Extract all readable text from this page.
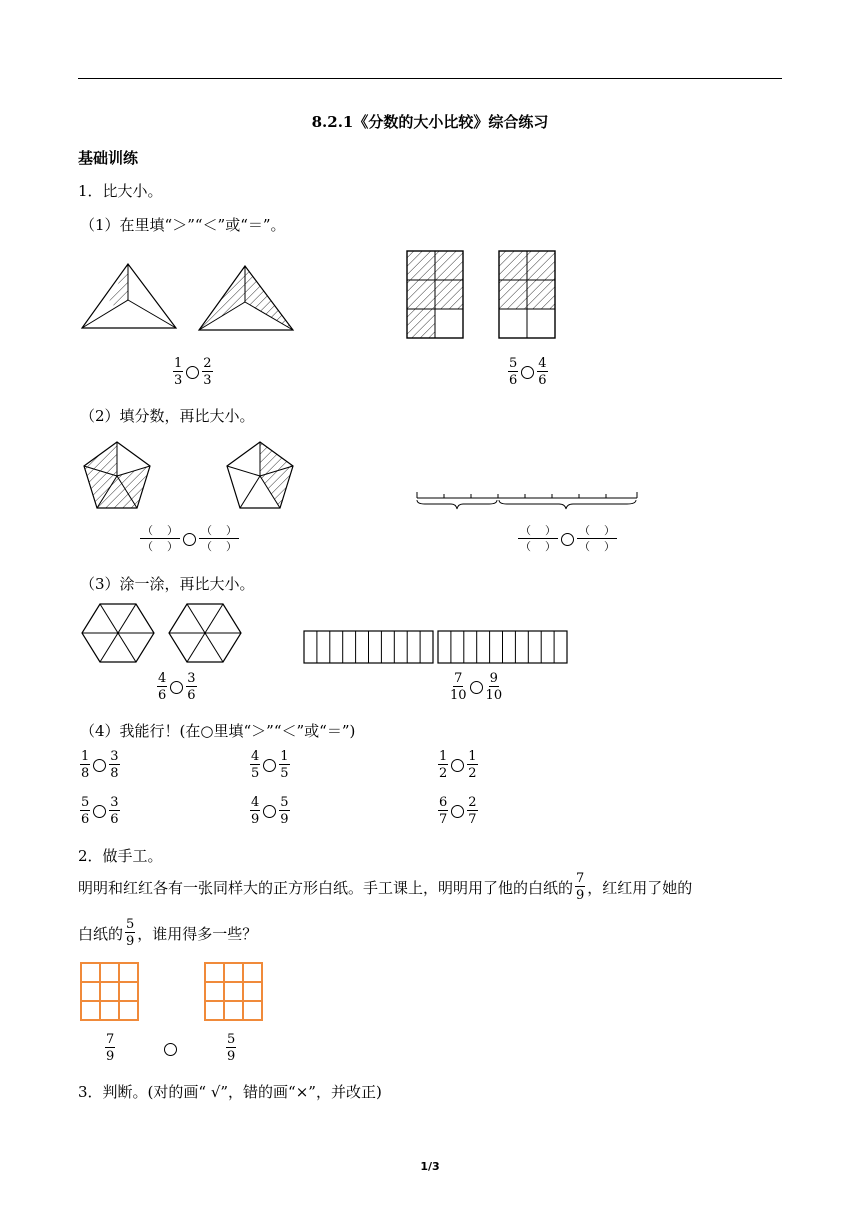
8.2.1《分数的大小比较》综合练习
基础训练
1．比大小。
（1）在里填“＞”“＜”或“＝”。
$\frac{1}{3} \frac{2}{3}$	$\frac{5}{6} \frac{4}{6}$
（2）填分数，再比大小。
（ ）
（ ）
（ ）
（ ）
（ ）
（ ）
（ ）
（ ）
（3）涂一涂，再比大小。
$\frac{4}{6} \frac{3}{6}$	$\frac{7}{10} \frac{9}{10}$
（4）我能行！(在○里填“＞”“＜”或“＝”)
$\frac{1}{8} \frac{3}{8}$	$\frac{4}{5} \frac{1}{5}$	$\frac{1}{2} \frac{1}{2}$
$\frac{5}{6} \frac{3}{6}$	$\frac{4}{9} \frac{5}{9}$	$\frac{6}{7} \frac{2}{7}$
2．做手工。
明明和红红各有一张同样大的正方形白纸。手工课上，明明用了他的白纸的 $\frac{7}{9}$ ，红红用了她的
白纸的 $\frac{5}{9}$ ，谁用得多一些？
$\frac{7}{9}$	$\frac{5}{9}$
3．判断。(对的画“ √”，错的画“×”，并改正)
1/3
